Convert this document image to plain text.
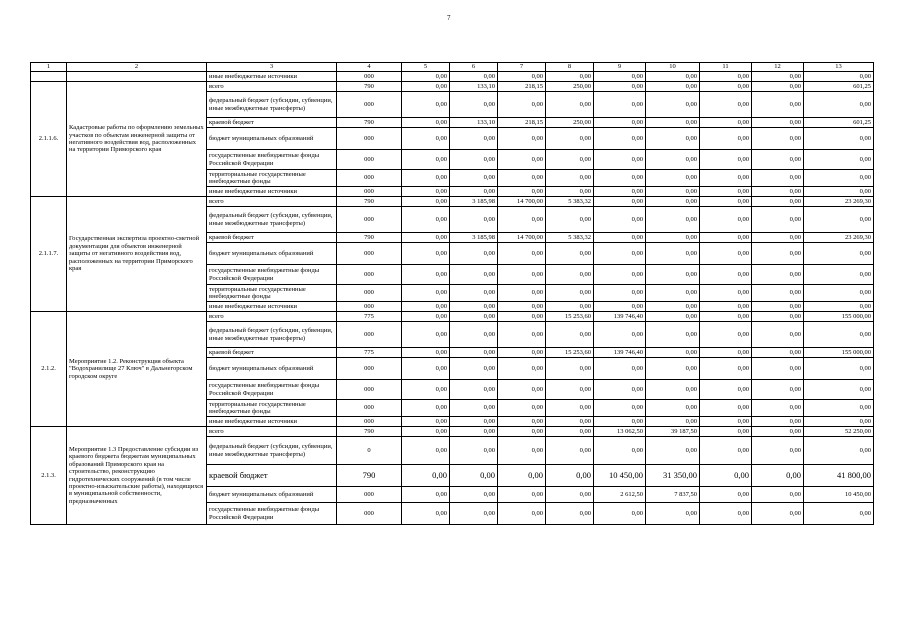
7
1	2	3	4	5	6	7	8	9	10	11	12	13
		иные внебюджетные источники	000	0,00	0,00	0,00	0,00	0,00	0,00	0,00	0,00	0,00
2.1.1.6.	Кадастровые работы по оформлению земельных участков по объектам инженерной защиты от негативного воздействия вод, расположенных на территории Приморского края	всего	790	0,00	133,10	218,15	250,00	0,00	0,00	0,00	0,00	601,25
		федеральный бюджет (субсидии, субвенции, иные межбюджетные трансферты)	000	0,00	0,00	0,00	0,00	0,00	0,00	0,00	0,00	0,00
		краевой бюджет	790	0,00	133,10	218,15	250,00	0,00	0,00	0,00	0,00	601,25
		бюджет муниципальных образований	000	0,00	0,00	0,00	0,00	0,00	0,00	0,00	0,00	0,00
		государственные внебюджетные фонды Российской Федерации	000	0,00	0,00	0,00	0,00	0,00	0,00	0,00	0,00	0,00
		территориальные государственные внебюджетные фонды	000	0,00	0,00	0,00	0,00	0,00	0,00	0,00	0,00	0,00
		иные внебюджетные источники	000	0,00	0,00	0,00	0,00	0,00	0,00	0,00	0,00	0,00
2.1.1.7.	Государственная экспертиза проектно-сметной документации для объектов инженерной защиты от негативного воздействия вод, расположенных на территории Приморского края	всего	790	0,00	3 185,98	14 700,00	5 383,32	0,00	0,00	0,00	0,00	23 269,30
		федеральный бюджет (субсидии, субвенции, иные межбюджетные трансферты)	000	0,00	0,00	0,00	0,00	0,00	0,00	0,00	0,00	0,00
		краевой бюджет	790	0,00	3 185,98	14 700,00	5 383,32	0,00	0,00	0,00	0,00	23 269,30
		бюджет муниципальных образований	000	0,00	0,00	0,00	0,00	0,00	0,00	0,00	0,00	0,00
		государственные внебюджетные фонды Российской Федерации	000	0,00	0,00	0,00	0,00	0,00	0,00	0,00	0,00	0,00
		территориальные государственные внебюджетные фонды	000	0,00	0,00	0,00	0,00	0,00	0,00	0,00	0,00	0,00
		иные внебюджетные источники	000	0,00	0,00	0,00	0,00	0,00	0,00	0,00	0,00	0,00
2.1.2.	Мероприятие 1.2. Реконструкция объекта "Водохранилище 27 Ключ" в Дальнегорском городском округе	всего	775	0,00	0,00	0,00	15 253,60	139 746,40	0,00	0,00	0,00	155 000,00
		федеральный бюджет (субсидии, субвенции, иные межбюджетные трансферты)	000	0,00	0,00	0,00	0,00	0,00	0,00	0,00	0,00	0,00
		краевой бюджет	775	0,00	0,00	0,00	15 253,60	139 746,40	0,00	0,00	0,00	155 000,00
		бюджет муниципальных образований	000	0,00	0,00	0,00	0,00	0,00	0,00	0,00	0,00	0,00
		государственные внебюджетные фонды Российской Федерации	000	0,00	0,00	0,00	0,00	0,00	0,00	0,00	0,00	0,00
		территориальные государственные внебюджетные фонды	000	0,00	0,00	0,00	0,00	0,00	0,00	0,00	0,00	0,00
		иные внебюджетные источники	000	0,00	0,00	0,00	0,00	0,00	0,00	0,00	0,00	0,00
2.1.3.	Мероприятие 1.3 Предоставление субсидии из краевого бюджета бюджетам муниципальных образований Приморского края на строительство, реконструкцию гидротехнических сооружений (в том числе проектно-изыскательские работы), находящихся в муниципальной собственности, предназначенных	всего	790	0,00	0,00	0,00	0,00	13 062,50	39 187,50	0,00	0,00	52 250,00
		федеральный бюджет (субсидии, субвенции, иные межбюджетные трансферты)	0	0,00	0,00	0,00	0,00	0,00	0,00	0,00	0,00	0,00
		краевой бюджет	790	0,00	0,00	0,00	0,00	10 450,00	31 350,00	0,00	0,00	41 800,00
		бюджет муниципальных образований	000	0,00	0,00	0,00	0,00	2 612,50	7 837,50	0,00	0,00	10 450,00
		государственные внебюджетные фонды Российской Федерации	000	0,00	0,00	0,00	0,00	0,00	0,00	0,00	0,00	0,00
